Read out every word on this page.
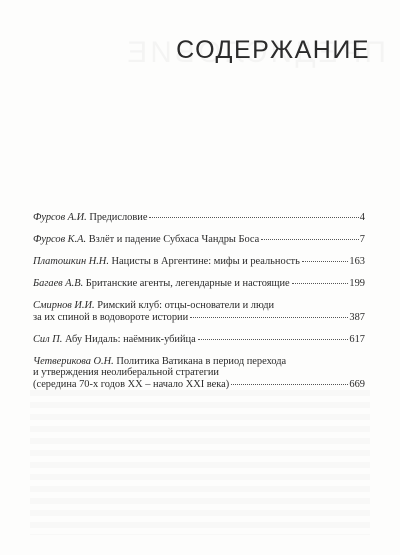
СОДЕРЖАНИЕ
Фурсов А.И. Предисловие	4
Фурсов К.А. Взлёт и падение Субхаса Чандры Боса	7
Платошкин Н.Н. Нацисты в Аргентине: мифы и реальность	163
Багаев А.В. Британские агенты, легендарные и настоящие	199
Смирнов И.И. Римский клуб: отцы-основатели и люди
за их спиной в водовороте истории	387
Сил П. Абу Нидаль: наёмник-убийца	617
Четверикова О.Н. Политика Ватикана в период перехода
и утверждения неолиберальной стратегии
(середина 70-х годов XX – начало XXI века)	669
